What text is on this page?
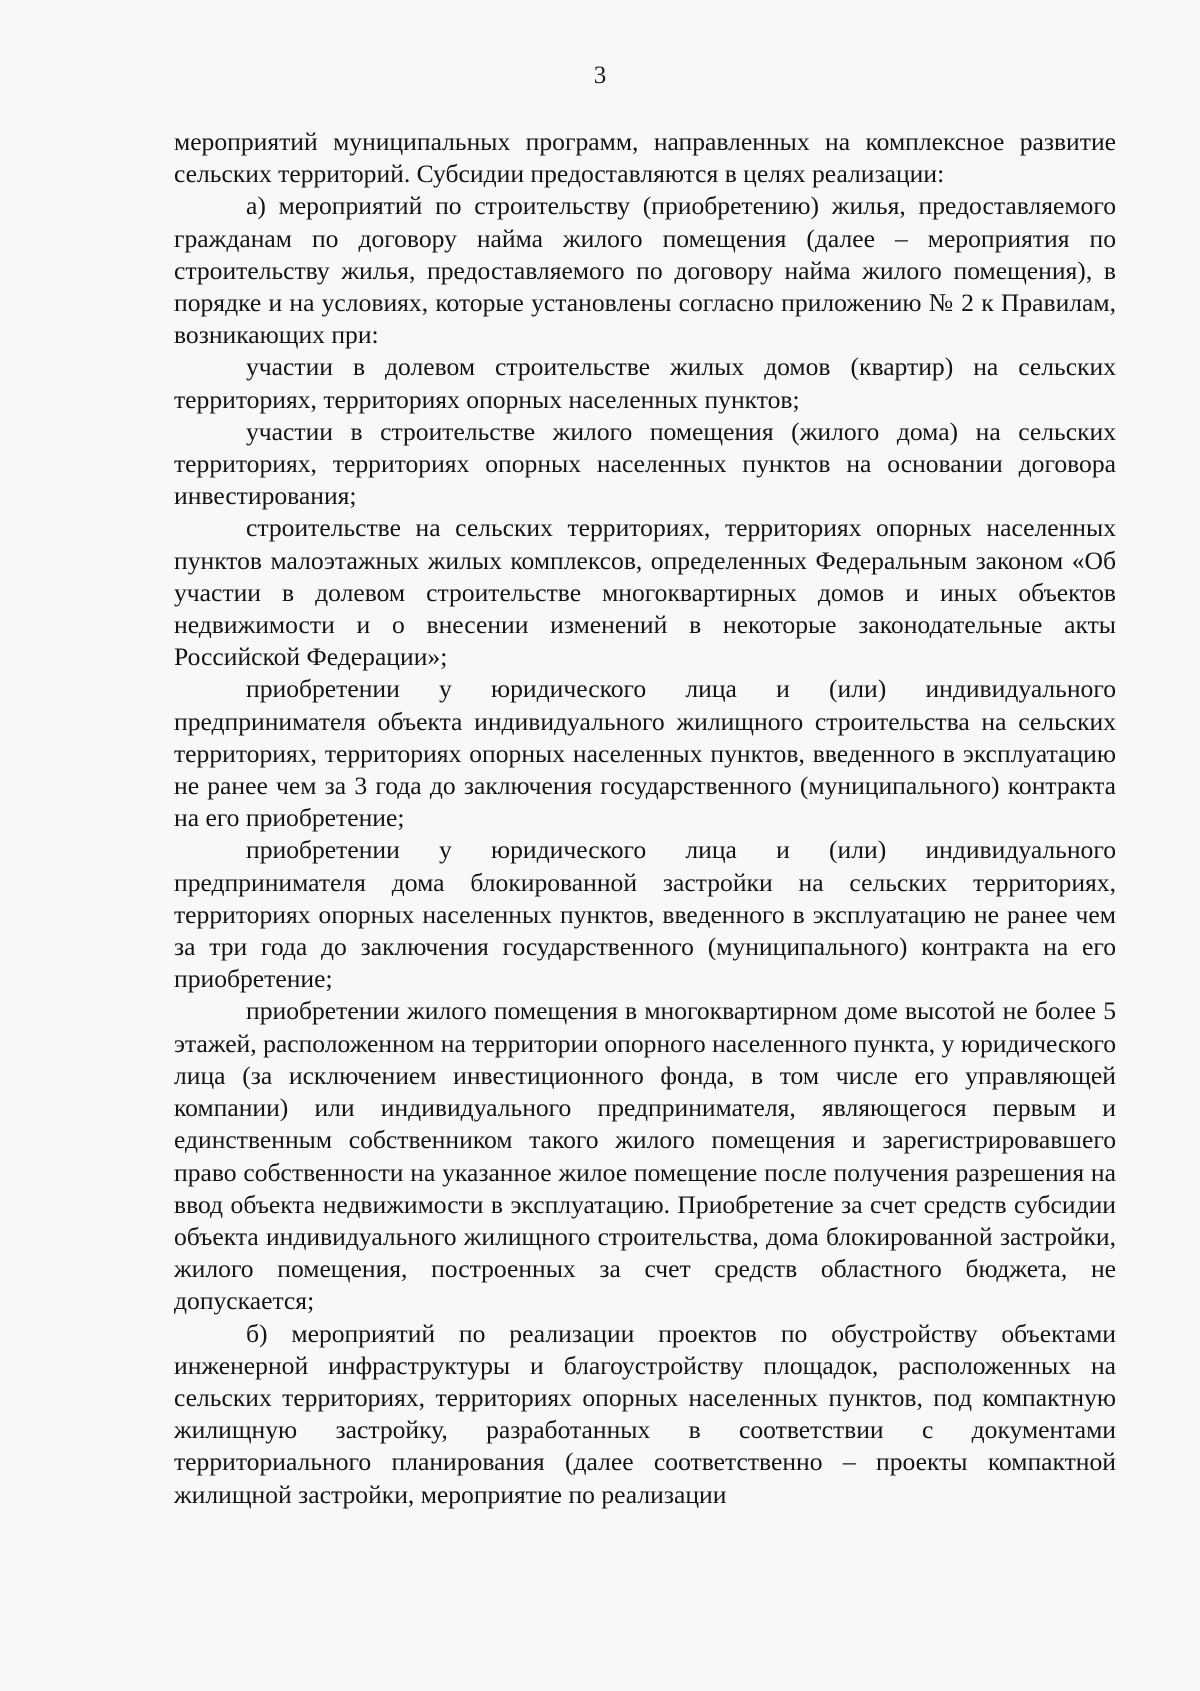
3

мероприятий муниципальных программ, направленных на комплексное развитие сельских территорий. Субсидии предоставляются в целях реализации:

а) мероприятий по строительству (приобретению) жилья, предоставляемого гражданам по договору найма жилого помещения (далее – мероприятия по строительству жилья, предоставляемого по договору найма жилого помещения), в порядке и на условиях, которые установлены согласно приложению № 2 к Правилам, возникающих при:

участии в долевом строительстве жилых домов (квартир) на сельских территориях, территориях опорных населенных пунктов;

участии в строительстве жилого помещения (жилого дома) на сельских территориях, территориях опорных населенных пунктов на основании договора инвестирования;

строительстве на сельских территориях, территориях опорных населенных пунктов малоэтажных жилых комплексов, определенных Федеральным законом «Об участии в долевом строительстве многоквартирных домов и иных объектов недвижимости и о внесении изменений в некоторые законодательные акты Российской Федерации»;

приобретении у юридического лица и (или) индивидуального предпринимателя объекта индивидуального жилищного строительства на сельских территориях, территориях опорных населенных пунктов, введенного в эксплуатацию не ранее чем за 3 года до заключения государственного (муниципального) контракта на его приобретение;

приобретении у юридического лица и (или) индивидуального предпринимателя дома блокированной застройки на сельских территориях, территориях опорных населенных пунктов, введенного в эксплуатацию не ранее чем за три года до заключения государственного (муниципального) контракта на его приобретение;

приобретении жилого помещения в многоквартирном доме высотой не более 5 этажей, расположенном на территории опорного населенного пункта, у юридического лица (за исключением инвестиционного фонда, в том числе его управляющей компании) или индивидуального предпринимателя, являющегося первым и единственным собственником такого жилого помещения и зарегистрировавшего право собственности на указанное жилое помещение после получения разрешения на ввод объекта недвижимости в эксплуатацию. Приобретение за счет средств субсидии объекта индивидуального жилищного строительства, дома блокированной застройки, жилого помещения, построенных за счет средств областного бюджета, не допускается;

б) мероприятий по реализации проектов по обустройству объектами инженерной инфраструктуры и благоустройству площадок, расположенных на сельских территориях, территориях опорных населенных пунктов, под компактную жилищную застройку, разработанных в соответствии с документами территориального планирования (далее соответственно – проекты компактной жилищной застройки, мероприятие по реализации
